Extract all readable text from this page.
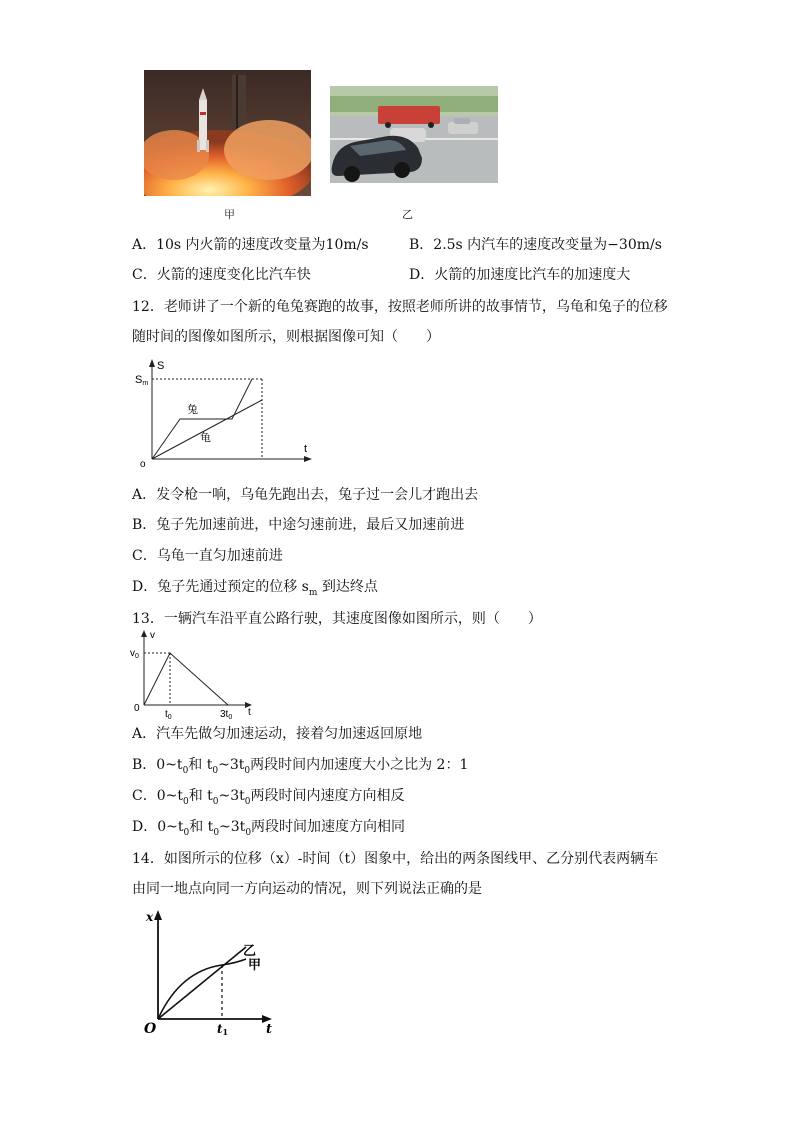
甲	乙
A．10s 内火箭的速度改变量为10m/s	B．2.5s 内汽车的速度改变量为−30m/s
C．火箭的速度变化比汽车快	D．火箭的加速度比汽车的加速度大
12．老师讲了一个新的龟兔赛跑的故事，按照老师所讲的故事情节，乌龟和兔子的位移
随时间的图像如图所示，则根据图像可知（　　）
S
Sm
t
o
兔
龟
A．发令枪一响，乌龟先跑出去，兔子过一会儿才跑出去
B．兔子先加速前进，中途匀速前进，最后又加速前进
C．乌龟一直匀加速前进
D．兔子先通过预定的位移 $s_m$ 到达终点
13．一辆汽车沿平直公路行驶，其速度图像如图所示，则（　　）
v
$v_0$
t
0
$t_0$	$3t_0$
A．汽车先做匀加速运动，接着匀加速返回原地
B．$0\sim t_0$和 $t_0\sim 3t_0$两段时间内加速度大小之比为 2：1
C．$0\sim t_0$和 $t_0\sim 3t_0$两段时间内速度方向相反
D．$0\sim t_0$和 $t_0\sim 3t_0$两段时间加速度方向相同
14．如图所示的位移（x）-时间（t）图象中，给出的两条图线甲、乙分别代表两辆车
由同一地点向同一方向运动的情况，则下列说法正确的是
x
t
O
乙
甲
t1
